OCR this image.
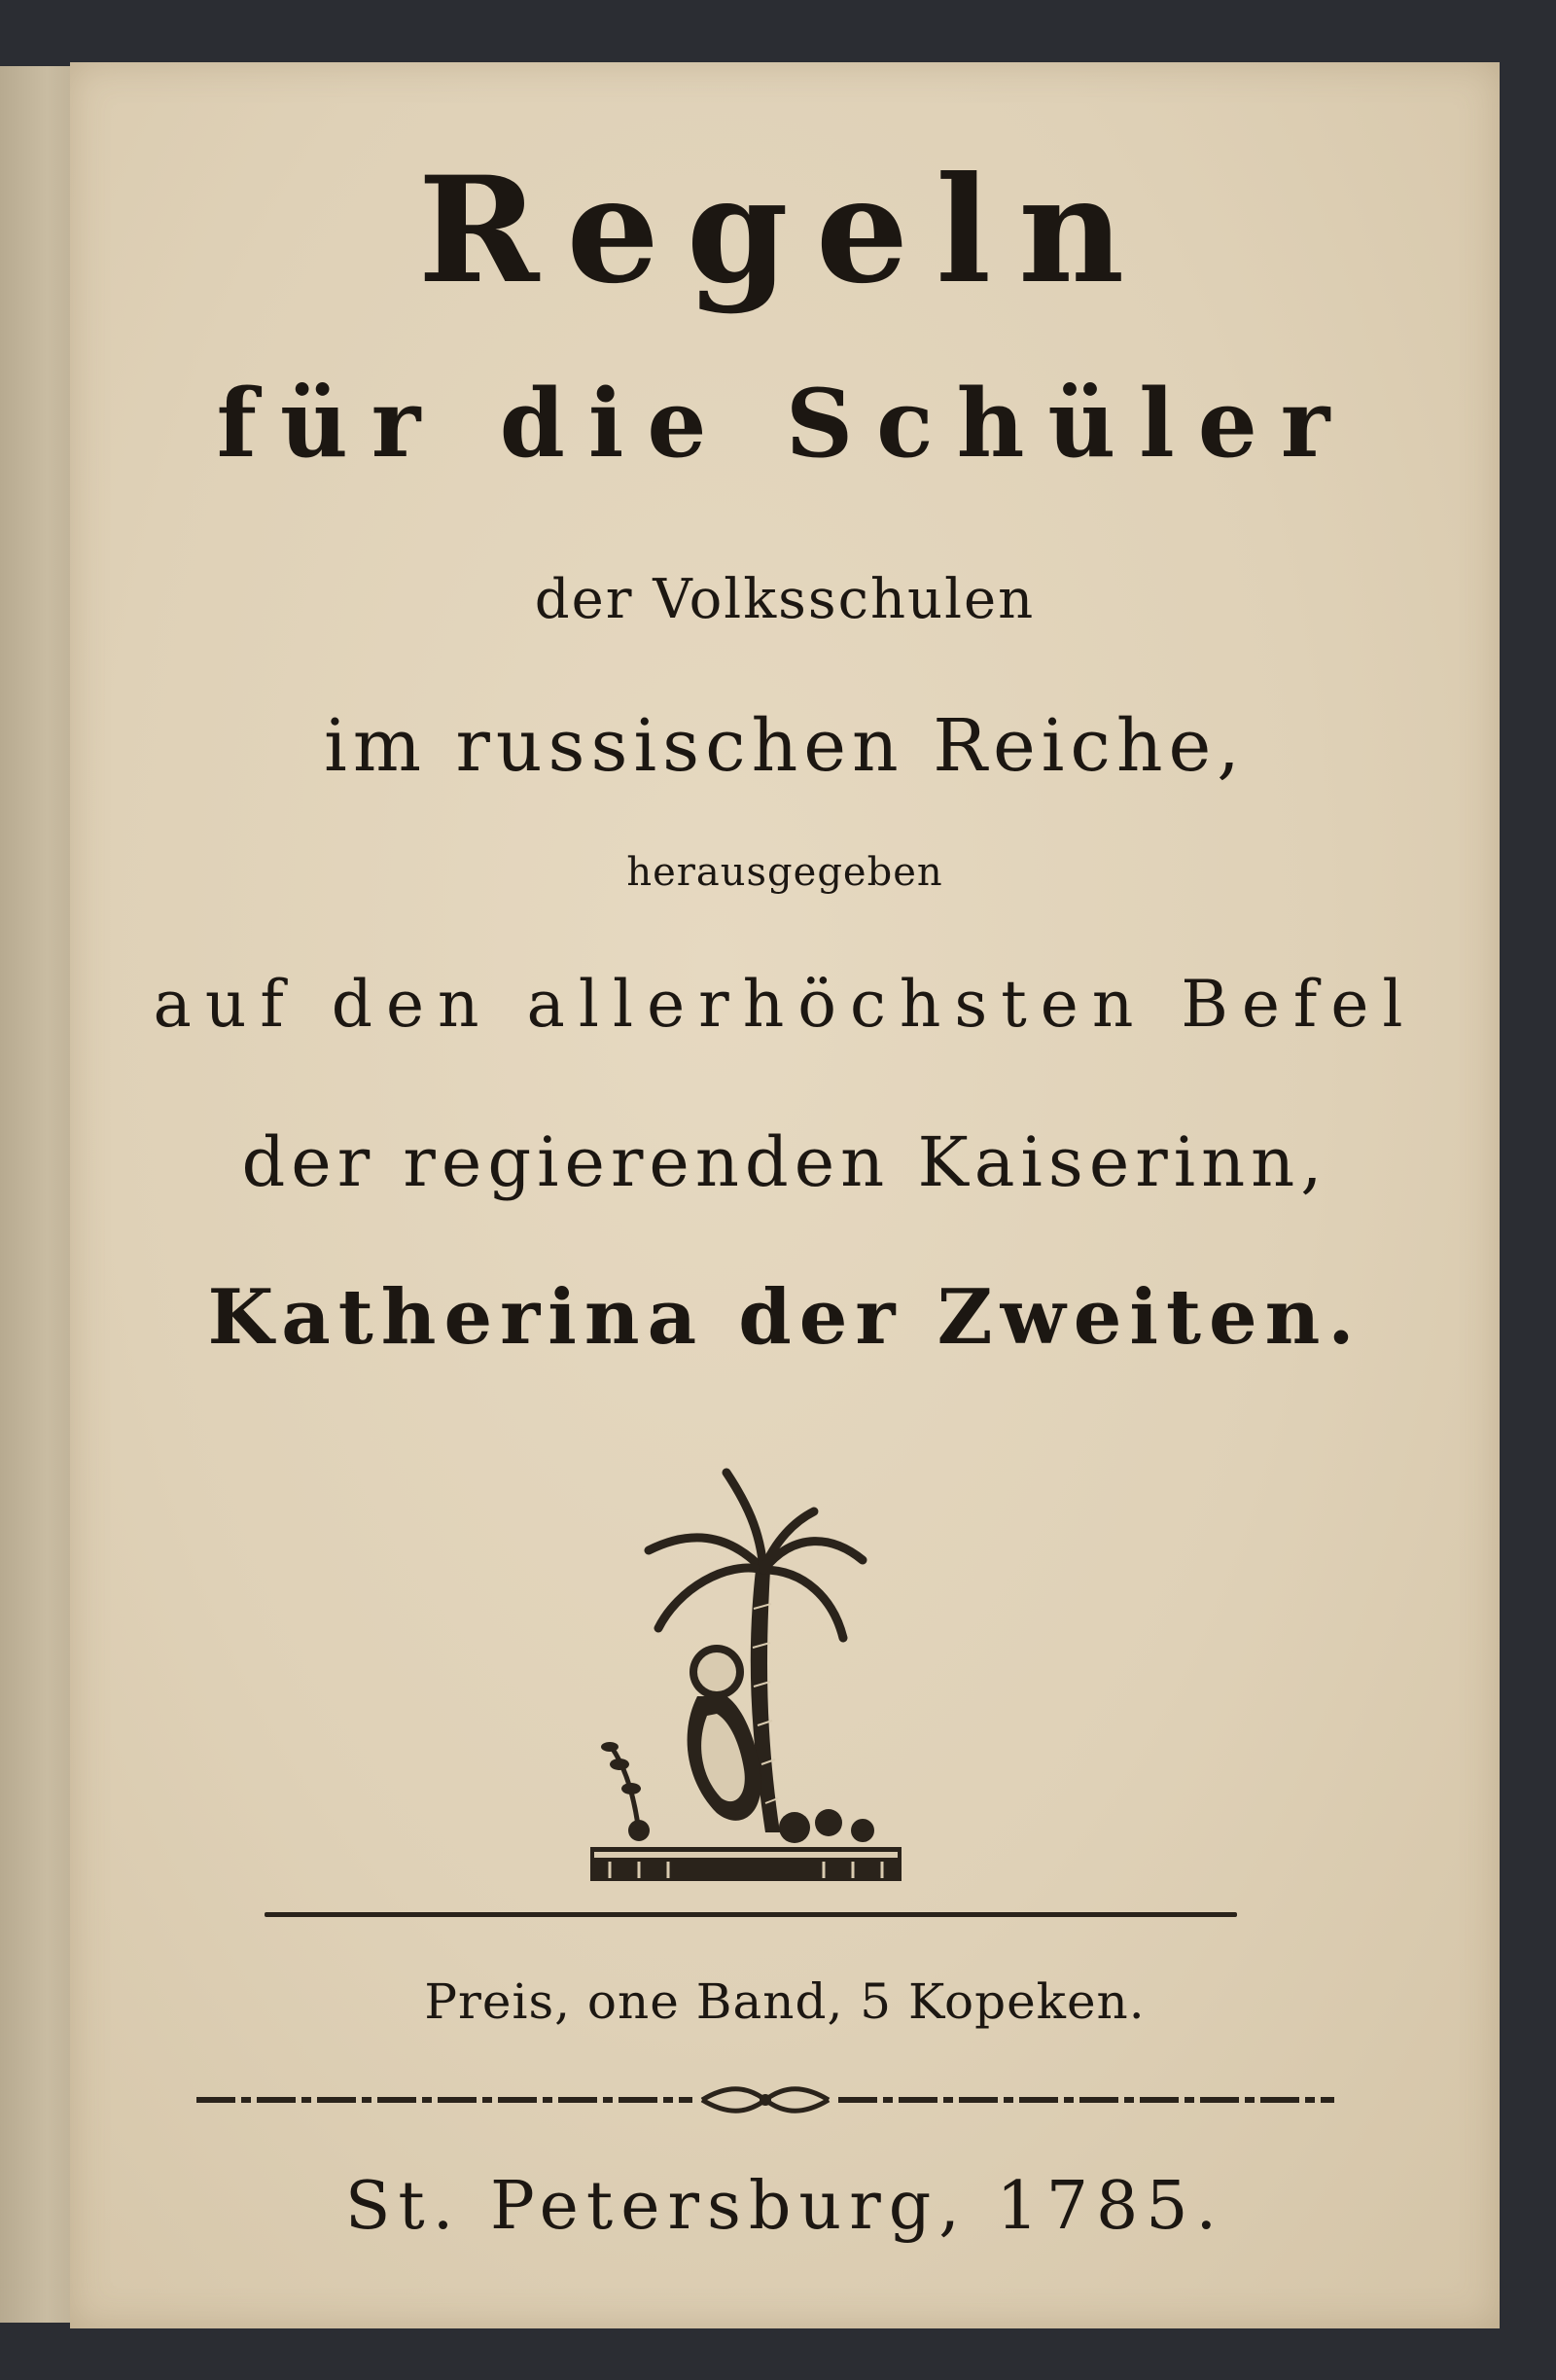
Regeln
für die Schüler
der Volksschulen
im russischen Reiche,
herausgegeben
auf den allerhöchsten Befel
der regierenden Kaiserinn,
Katherina der Zweiten.
Preis, one Band, 5 Kopeken.
St. Petersburg, 1785.
